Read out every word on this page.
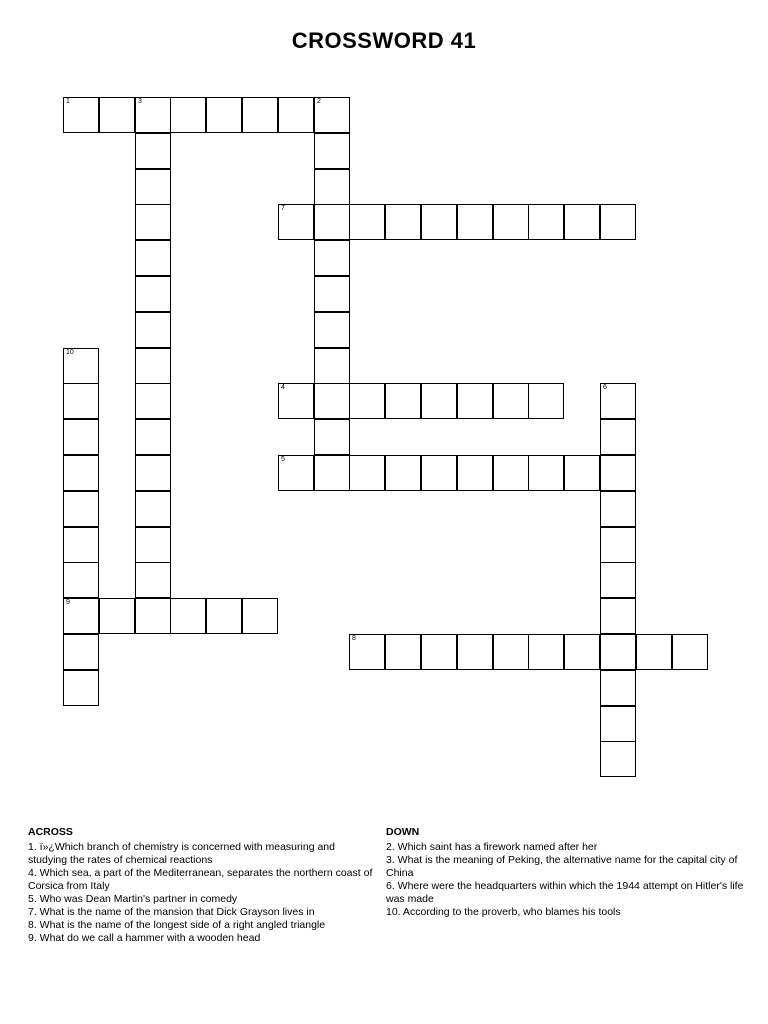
CROSSWORD 41
1	3	2
4
5
6
7
8
9
10
ACROSS
1. ï»¿Which branch of chemistry is concerned with measuring and studying the rates of chemical reactions
4. Which sea, a part of the Mediterranean, separates the northern coast of Corsica from Italy
5. Who was Dean Martin's partner in comedy
7. What is the name of the mansion that Dick Grayson lives in
8. What is the name of the longest side of a right angled triangle
9. What do we call a hammer with a wooden head
DOWN
2. Which saint has a firework named after her
3. What is the meaning of Peking, the alternative name for the capital city of China
6. Where were the headquarters within which the 1944 attempt on Hitler's life was made
10. According to the proverb, who blames his tools
